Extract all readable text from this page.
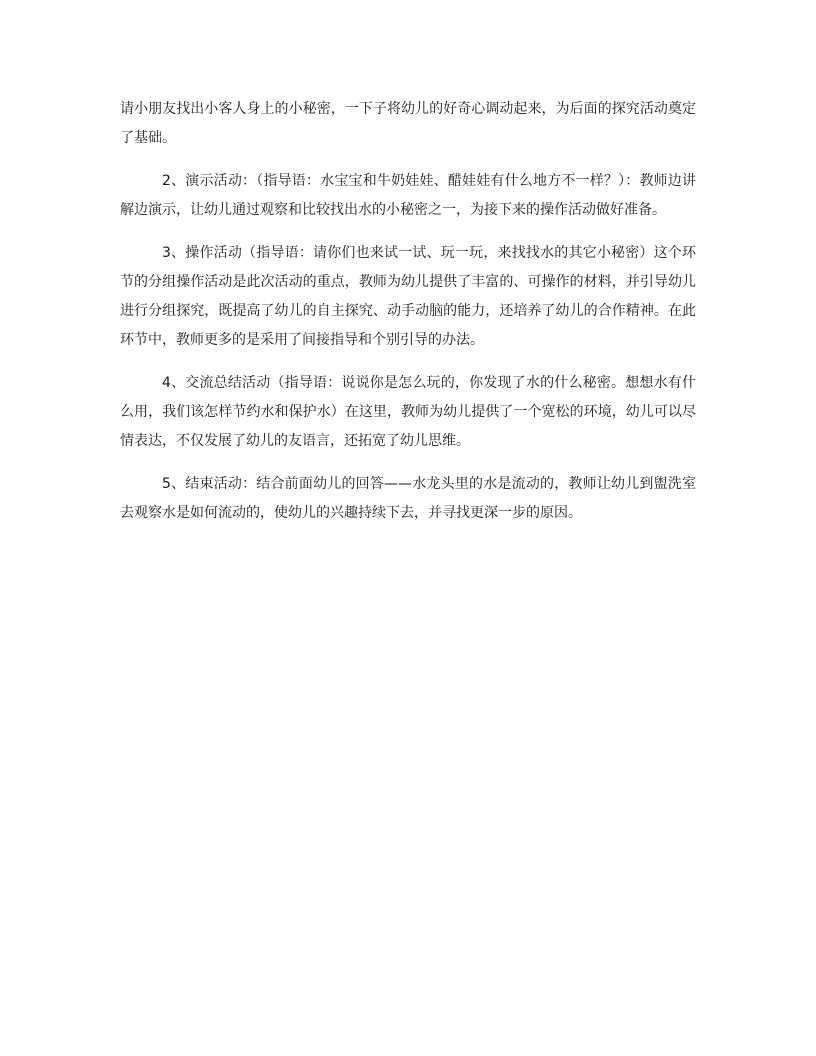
请小朋友找出小客人身上的小秘密，一下子将幼儿的好奇心调动起来，为后面的探究活动奠定了基础。

2、演示活动：（指导语：水宝宝和牛奶娃娃、醋娃娃有什么地方不一样？）：教师边讲解边演示，让幼儿通过观察和比较找出水的小秘密之一，为接下来的操作活动做好准备。

3、操作活动（指导语：请你们也来试一试、玩一玩，来找找水的其它小秘密）这个环节的分组操作活动是此次活动的重点，教师为幼儿提供了丰富的、可操作的材料，并引导幼儿进行分组探究，既提高了幼儿的自主探究、动手动脑的能力，还培养了幼儿的合作精神。在此环节中，教师更多的是采用了间接指导和个别引导的办法。

4、交流总结活动（指导语：说说你是怎么玩的，你发现了水的什么秘密。想想水有什么用，我们该怎样节约水和保护水）在这里，教师为幼儿提供了一个宽松的环境，幼儿可以尽情表达，不仅发展了幼儿的友语言，还拓宽了幼儿思维。

5、结束活动：结合前面幼儿的回答——水龙头里的水是流动的，教师让幼儿到盥洗室去观察水是如何流动的，使幼儿的兴趣持续下去，并寻找更深一步的原因。
